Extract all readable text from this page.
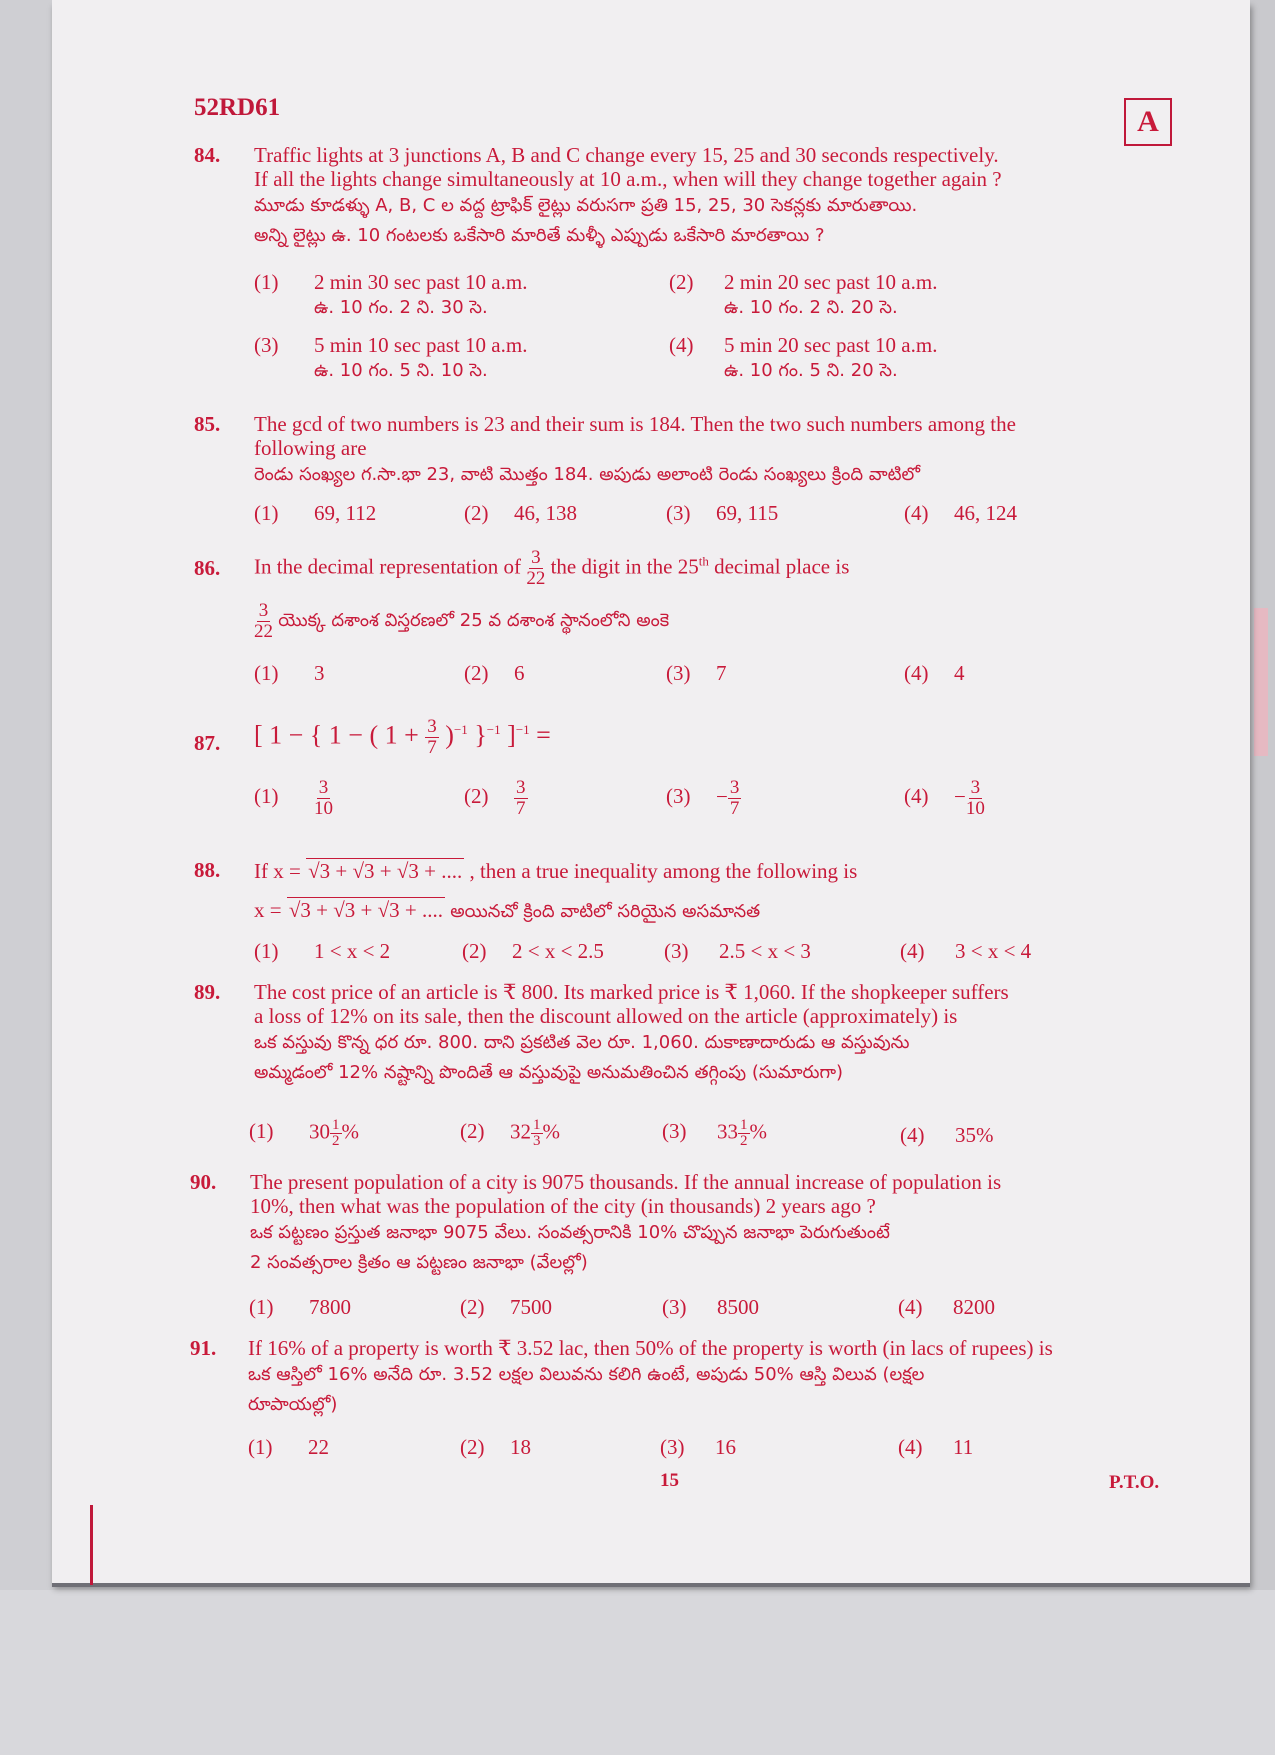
52RD61	A
84. Traffic lights at 3 junctions A, B and C change every 15, 25 and 30 seconds respectively.

If all the lights change simultaneously at 10 a.m., when will they change together again ?

మూడు కూడళ్ళు A, B, C ల వద్ద ట్రాఫిక్ లైట్లు వరుసగా ప్రతి 15, 25, 30 సెకన్లకు మారుతాయి.

అన్ని లైట్లు ఉ. 10 గంటలకు ఒకేసారి మారితే మళ్ళీ ఎప్పుడు ఒకేసారి మారతాయి ?

(1) 2 min 30 sec past 10 a.m.
ఉ. 10 గం. 2 ని. 30 సె.
(2) 2 min 20 sec past 10 a.m.
ఉ. 10 గం. 2 ని. 20 సె.
(3) 5 min 10 sec past 10 a.m.
ఉ. 10 గం. 5 ని. 10 సె.
(4) 5 min 20 sec past 10 a.m.
ఉ. 10 గం. 5 ని. 20 సె.
85. The gcd of two numbers is 23 and their sum is 184. Then the two such numbers among the

following are

రెండు సంఖ్యల గ.సా.భా 23, వాటి మొత్తం 184. అపుడు అలాంటి రెండు సంఖ్యలు క్రింది వాటిలో

(1) 69, 112	(2) 46, 138	(3) 69, 115	(4) 46, 124
86. In the decimal representation of $\frac{3}{22}$ the digit in the 25th decimal place is

$\frac{3}{22}$ యొక్క దశాంశ విస్తరణలో 25 వ దశాంశ స్థానంలోని అంకె

(1) 3	(2) 6	(3) 7	(4) 4
87. [ 1 − { 1 − ( $1 + \frac{3}{7} )^{-1}$ }$^{-1}$ ]$^{-1}$ =
$(1) \frac{3}{10}$	$(2) \frac{3}{7}$	$(3) - \frac{3}{7}$	$(4) - \frac{3}{10}$
88. If x = √3 + √3 + √3 + .... , then a true inequality among the following is

x = √3 + √3 + √3 + .... అయినచో క్రింది వాటిలో సరియైన అసమానత

(1) 1 < x < 2	(2) 2 < x < 2.5	(3) 2.5 < x < 3	(4) 3 < x < 4
89. The cost price of an article is ₹ 800. Its marked price is ₹ 1,060. If the shopkeeper suffers

a loss of 12% on its sale, then the discount allowed on the article (approximately) is

ఒక వస్తువు కొన్న ధర రూ. 800. దాని ప్రకటిత వెల రూ. 1,060. దుకాణాదారుడు ఆ వస్తువును

అమ్మడంలో 12% నష్టాన్ని పొందితే ఆ వస్తువుపై అనుమతించిన తగ్గింపు (సుమారుగా)

(1) $30 \frac{1}{2}$ %	(2) $32 \frac{1}{3}$ %	(3) $33 \frac{1}{2}$ %	(4) 35%
90. The present population of a city is 9075 thousands. If the annual increase of population is

10%, then what was the population of the city (in thousands) 2 years ago ?

ఒక పట్టణం ప్రస్తుత జనాభా 9075 వేలు. సంవత్సరానికి 10% చొప్పున జనాభా పెరుగుతుంటే

2 సంవత్సరాల క్రితం ఆ పట్టణం జనాభా (వేలల్లో)

(1) 7800	(2) 7500	(3) 8500	(4) 8200
91. If 16% of a property is worth ₹ 3.52 lac, then 50% of the property is worth (in lacs of rupees) is

ఒక ఆస్తిలో 16% అనేది రూ. 3.52 లక్షల విలువను కలిగి ఉంటే, అపుడు 50% ఆస్తి విలువ (లక్షల

రూపాయల్లో)

(1) 22	(2) 18	(3) 16	(4) 11
15	P.T.O.
